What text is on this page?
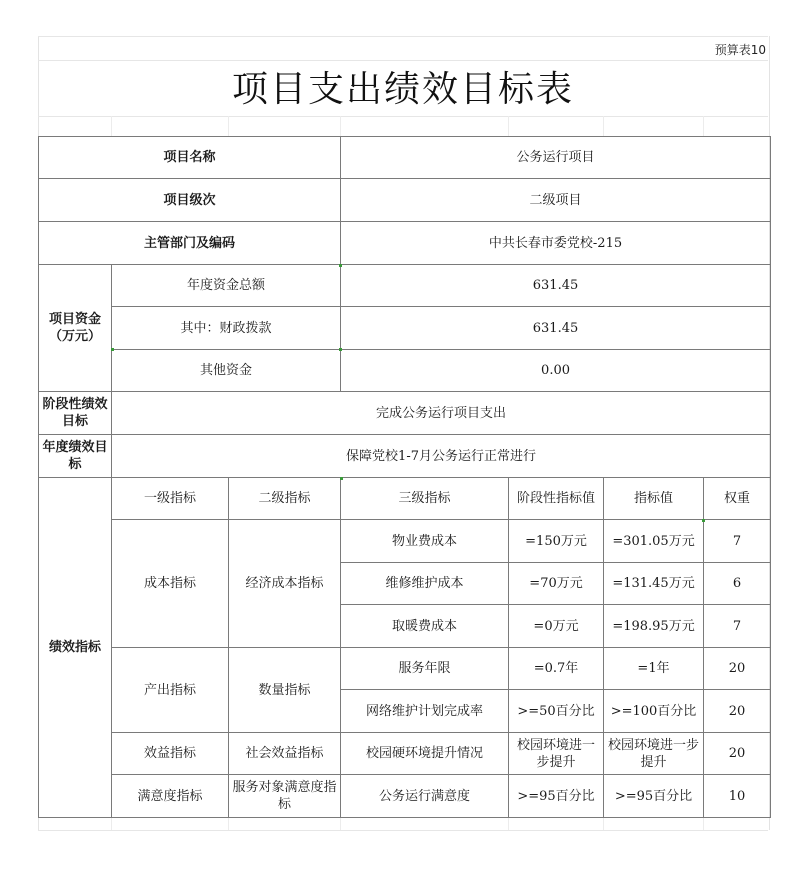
预算表10
项目支出绩效目标表
项目名称			公务运行项目			
项目级次			二级项目			
主管部门及编码			中共长春市委党校-215			
项目资金（万元）	年度资金总额		631.45			
	其中：财政拨款		631.45			
	其他资金		0.00			
阶段性绩效目标	完成公务运行项目支出					
年度绩效目标	保障党校1-7月公务运行正常进行					
绩效指标	一级指标	二级指标	三级指标	阶段性指标值	指标值	权重
	成本指标	经济成本指标	物业费成本	=150万元	=301.05万元	7
			维修维护成本	=70万元	=131.45万元	6
			取暖费成本	=0万元	=198.95万元	7
	产出指标	数量指标	服务年限	=0.7年	=1年	20
			网络维护计划完成率	>=50百分比	>=100百分比	20
	效益指标	社会效益指标	校园硬环境提升情况	校园环境进一步提升	校园环境进一步提升	20
	满意度指标	服务对象满意度指标	公务运行满意度	>=95百分比	>=95百分比	10
